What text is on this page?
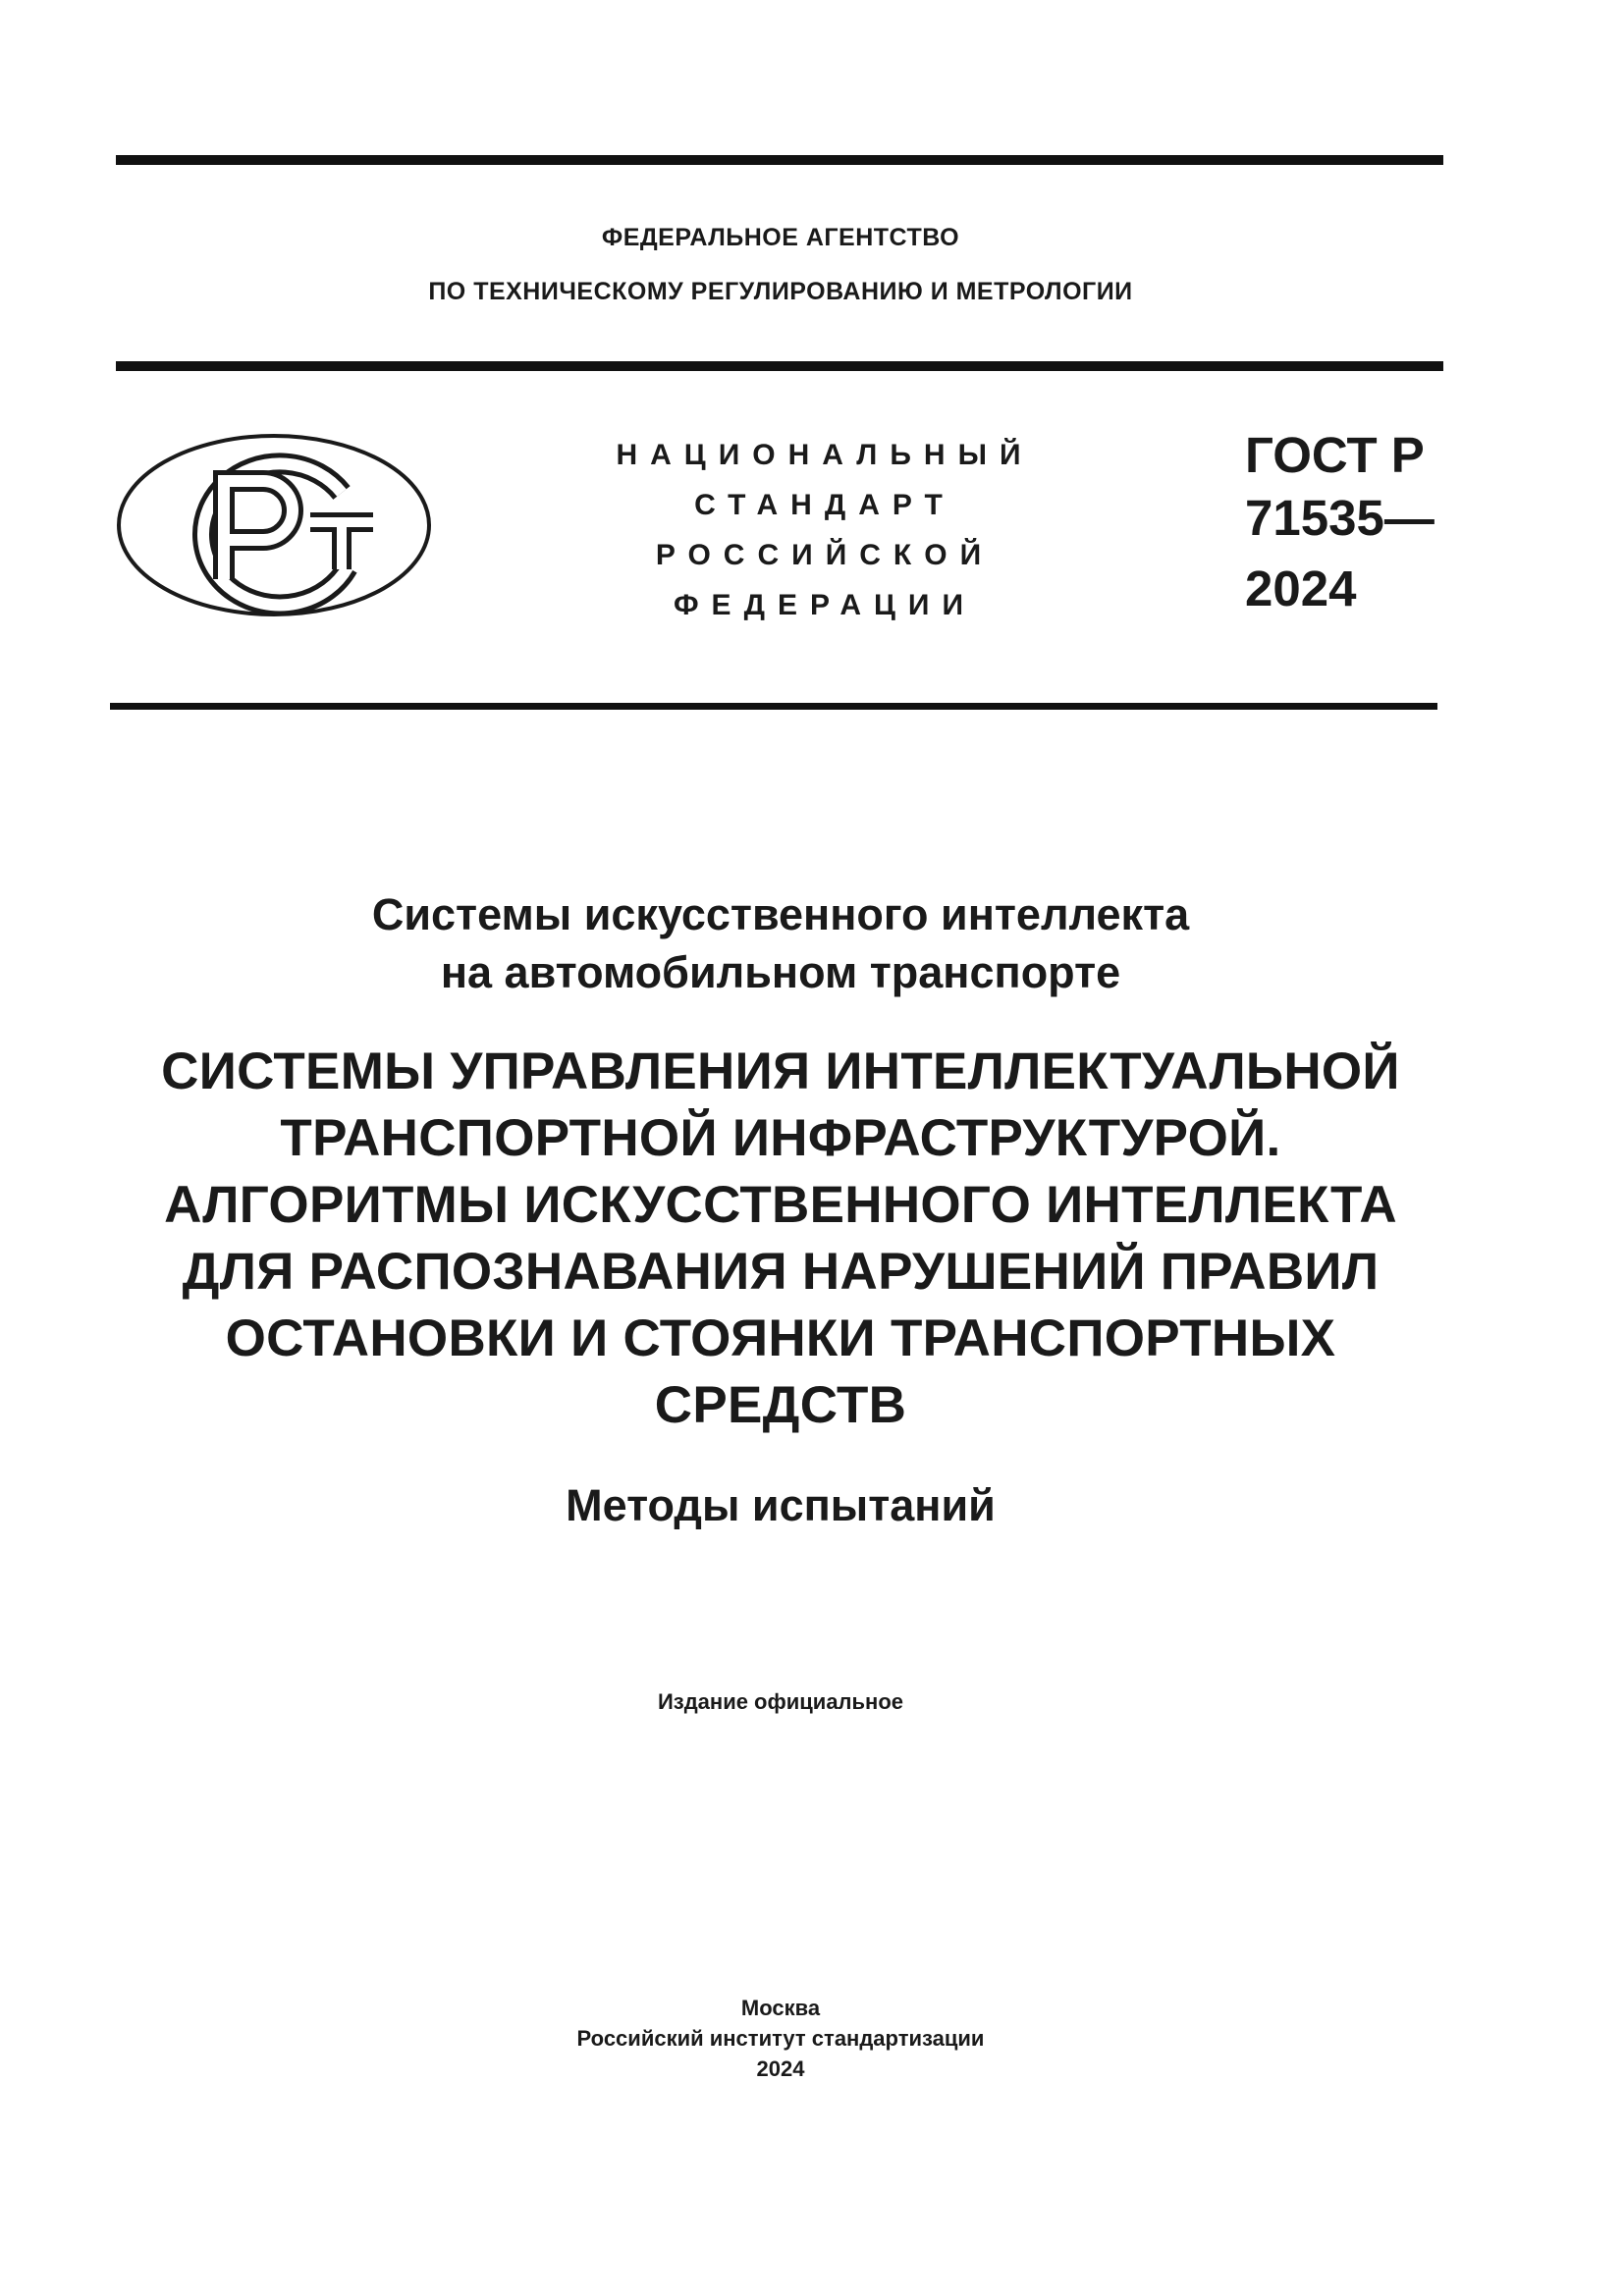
ФЕДЕРАЛЬНОЕ АГЕНТСТВО
ПО ТЕХНИЧЕСКОМУ РЕГУЛИРОВАНИЮ И МЕТРОЛОГИИ
НАЦИОНАЛЬНЫЙ
СТАНДАРТ
РОССИЙСКОЙ
ФЕДЕРАЦИИ
ГОСТ Р
71535—
2024
Системы искусственного интеллекта
на автомобильном транспорте
СИСТЕМЫ УПРАВЛЕНИЯ ИНТЕЛЛЕКТУАЛЬНОЙ
ТРАНСПОРТНОЙ ИНФРАСТРУКТУРОЙ.
АЛГОРИТМЫ ИСКУССТВЕННОГО ИНТЕЛЛЕКТА
ДЛЯ РАСПОЗНАВАНИЯ НАРУШЕНИЙ ПРАВИЛ
ОСТАНОВКИ И СТОЯНКИ ТРАНСПОРТНЫХ
СРЕДСТВ
Методы испытаний
Издание официальное
Москва
Российский институт стандартизации
2024
